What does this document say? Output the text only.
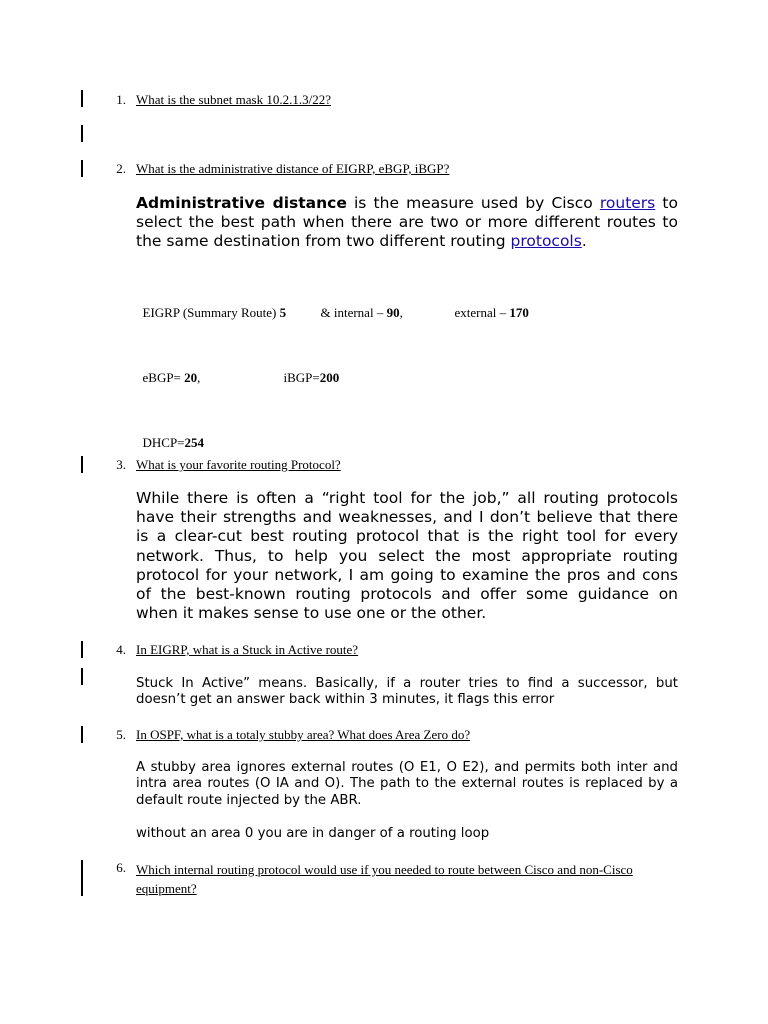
1. What is the subnet mask 10.2.1.3/22?
2. What is the administrative distance of EIGRP, eBGP, iBGP?
Administrative distance is the measure used by Cisco routers to select the best path when there are two or more different routes to the same destination from two different routing protocols.

EIGRP (Summary Route) 5	& internal – 90,	external – 170

eBGP= 20,	iBGP=200

DHCP=254

3. What is your favorite routing Protocol?
While there is often a “right tool for the job,” all routing protocols have their strengths and weaknesses, and I don’t believe that there is a clear-cut best routing protocol that is the right tool for every network. Thus, to help you select the most appropriate routing protocol for your network, I am going to examine the pros and cons of the best-known routing protocols and offer some guidance on when it makes sense to use one or the other.
4. In EIGRP, what is a Stuck in Active route?
Stuck In Active” means. Basically, if a router tries to find a successor, but doesn’t get an answer back within 3 minutes, it flags this error
5. In OSPF, what is a totaly stubby area? What does Area Zero do?
A stubby area ignores external routes (O E1, O E2), and permits both inter and intra area routes (O IA and O). The path to the external routes is replaced by a default route injected by the ABR.
without an area 0 you are in danger of a routing loop
6. Which internal routing protocol would use if you needed to route between Cisco and non-Cisco equipment?
